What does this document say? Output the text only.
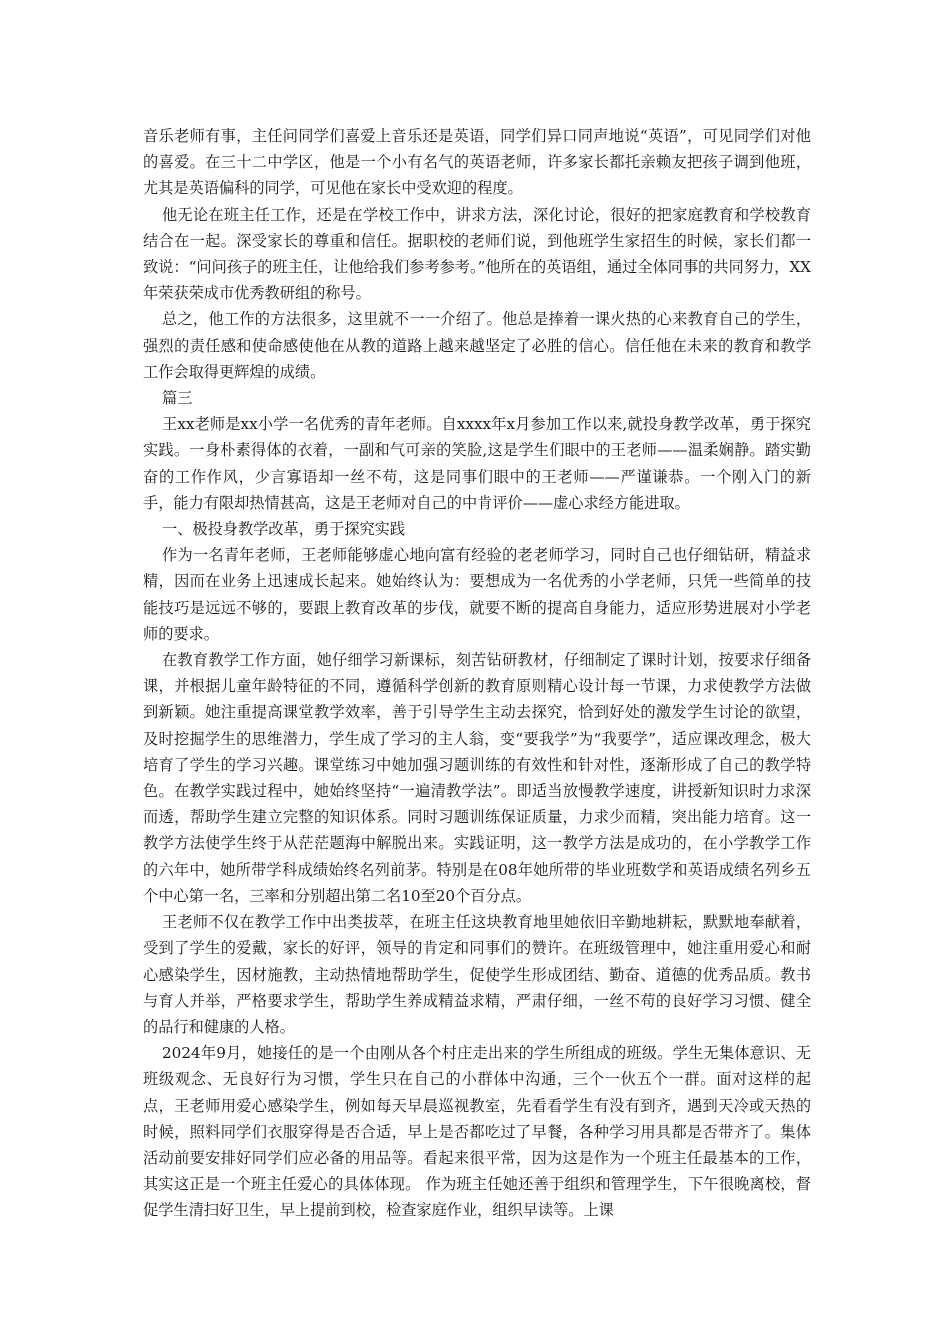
音乐老师有事，主任问同学们喜爱上音乐还是英语，同学们异口同声地说“英语”，可见同学们对他的喜爱。在三十二中学区，他是一个小有名气的英语老师，许多家长都托亲赖友把孩子调到他班，尤其是英语偏科的同学，可见他在家长中受欢迎的程度。

他无论在班主任工作，还是在学校工作中，讲求方法，深化讨论，很好的把家庭教育和学校教育结合在一起。深受家长的尊重和信任。据职校的老师们说，到他班学生家招生的时候，家长们都一致说：“问问孩子的班主任，让他给我们参考参考。”他所在的英语组，通过全体同事的共同努力，XX年荣获荣成市优秀教研组的称号。

总之，他工作的方法很多，这里就不一一介绍了。他总是捧着一课火热的心来教育自己的学生，强烈的责任感和使命感使他在从教的道路上越来越坚定了必胜的信心。信任他在未来的教育和教学工作会取得更辉煌的成绩。

篇三

王xx老师是xx小学一名优秀的青年老师。自xxxx年x月参加工作以来,就投身教学改革，勇于探究实践。一身朴素得体的衣着，一副和气可亲的笑脸,这是学生们眼中的王老师——温柔娴静。踏实勤奋的工作作风，少言寡语却一丝不苟，这是同事们眼中的王老师——严谨谦恭。一个刚入门的新手，能力有限却热情甚高，这是王老师对自己的中肯评价——虚心求经方能进取。

一、极投身教学改革，勇于探究实践

作为一名青年老师，王老师能够虚心地向富有经验的老老师学习，同时自己也仔细钻研，精益求精，因而在业务上迅速成长起来。她始终认为：要想成为一名优秀的小学老师，只凭一些简单的技能技巧是远远不够的，要跟上教育改革的步伐，就要不断的提高自身能力，适应形势进展对小学老师的要求。

在教育教学工作方面，她仔细学习新课标，刻苦钻研教材，仔细制定了课时计划，按要求仔细备课，并根据儿童年龄特征的不同，遵循科学创新的教育原则精心设计每一节课，力求使教学方法做到新颖。她注重提高课堂教学效率，善于引导学生主动去探究，恰到好处的激发学生讨论的欲望，及时挖掘学生的思维潜力，学生成了学习的主人翁，变“要我学”为“我要学”，适应课改理念，极大培育了学生的学习兴趣。课堂练习中她加强习题训练的有效性和针对性，逐渐形成了自己的教学特色。在教学实践过程中，她始终坚持“一遍清教学法”。即适当放慢教学速度，讲授新知识时力求深而透，帮助学生建立完整的知识体系。同时习题训练保证质量，力求少而精，突出能力培育。这一教学方法使学生终于从茫茫题海中解脱出来。实践证明，这一教学方法是成功的，在小学教学工作的六年中，她所带学科成绩始终名列前茅。特别是在08年她所带的毕业班数学和英语成绩名列乡五个中心第一名，三率和分别超出第二名10至20个百分点。

王老师不仅在教学工作中出类拔萃，在班主任这块教育地里她依旧辛勤地耕耘，默默地奉献着，受到了学生的爱戴，家长的好评，领导的肯定和同事们的赞许。在班级管理中，她注重用爱心和耐心感染学生，因材施教，主动热情地帮助学生，促使学生形成团结、勤奋、道德的优秀品质。教书与育人并举，严格要求学生，帮助学生养成精益求精，严肃仔细，一丝不苟的良好学习习惯、健全的品行和健康的人格。

2024年9月，她接任的是一个由刚从各个村庄走出来的学生所组成的班级。学生无集体意识、无班级观念、无良好行为习惯，学生只在自己的小群体中沟通，三个一伙五个一群。面对这样的起点，王老师用爱心感染学生，例如每天早晨巡视教室，先看看学生有没有到齐，遇到天冷或天热的时候，照料同学们衣服穿得是否合适，早上是否都吃过了早餐，各种学习用具都是否带齐了。集体活动前要安排好同学们应必备的用品等。看起来很平常，因为这是作为一个班主任最基本的工作，其实这正是一个班主任爱心的具体体现。 作为班主任她还善于组织和管理学生，下午很晚离校，督促学生清扫好卫生，早上提前到校，检查家庭作业，组织早读等。上课
